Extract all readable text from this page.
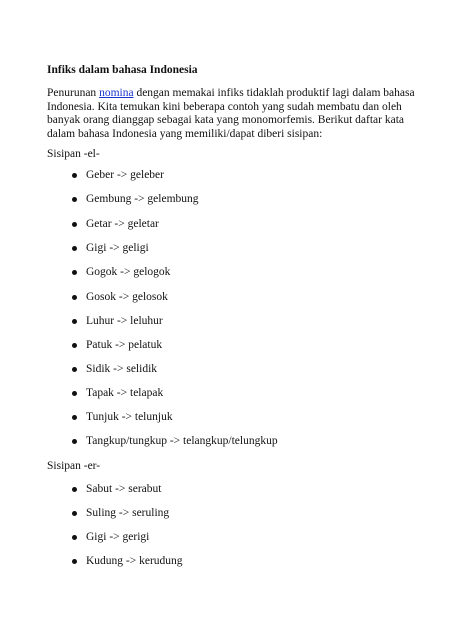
Infiks dalam bahasa Indonesia
Penurunan nomina dengan memakai infiks tidaklah produktif lagi dalam bahasa
Indonesia. Kita temukan kini beberapa contoh yang sudah membatu dan oleh
banyak orang dianggap sebagai kata yang monomorfemis. Berikut daftar kata
dalam bahasa Indonesia yang memiliki/dapat diberi sisipan:
Sisipan -el-
Geber -> geleber
Gembung -> gelembung
Getar -> geletar
Gigi -> geligi
Gogok -> gelogok
Gosok -> gelosok
Luhur -> leluhur
Patuk -> pelatuk
Sidik -> selidik
Tapak -> telapak
Tunjuk -> telunjuk
Tangkup/tungkup -> telangkup/telungkup
Sisipan -er-
Sabut -> serabut
Suling -> seruling
Gigi -> gerigi
Kudung -> kerudung
